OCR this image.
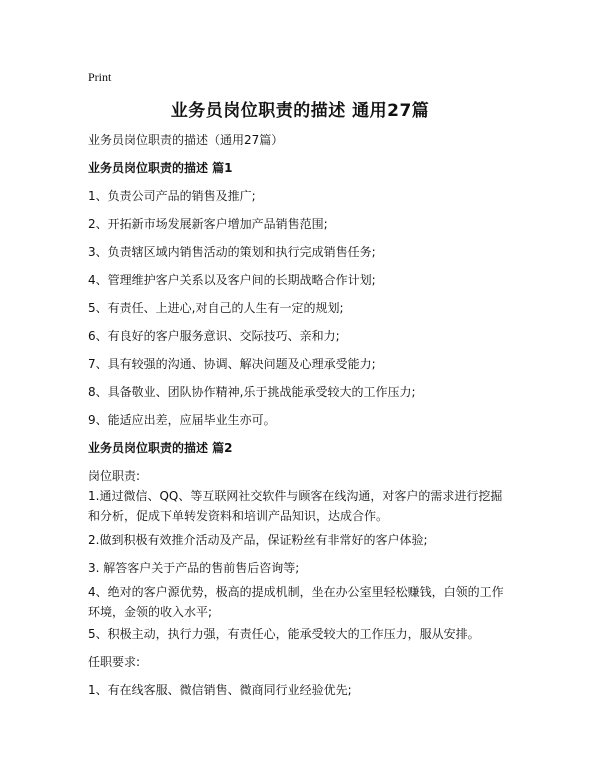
Print
业务员岗位职责的描述 通用27篇
业务员岗位职责的描述（通用27篇）
业务员岗位职责的描述 篇1
1、负责公司产品的销售及推广;
2、开拓新市场发展新客户增加产品销售范围;
3、负责辖区域内销售活动的策划和执行完成销售任务;
4、管理维护客户关系以及客户间的长期战略合作计划;
5、有责任、上进心,对自己的人生有一定的规划;
6、有良好的客户服务意识、交际技巧、亲和力;
7、具有较强的沟通、协调、解决问题及心理承受能力;
8、具备敬业、团队协作精神,乐于挑战能承受较大的工作压力;
9、能适应出差，应届毕业生亦可。
业务员岗位职责的描述 篇2
岗位职责:
1.通过微信、QQ、等互联网社交软件与顾客在线沟通，对客户的需求进行挖掘和分析，促成下单转发资料和培训产品知识，达成合作。
2.做到积极有效推介活动及产品，保证粉丝有非常好的客户体验;
3. 解答客户关于产品的售前售后咨询等;
4、绝对的客户源优势，极高的提成机制，坐在办公室里轻松赚钱，白领的工作环境，金领的收入水平;
5、积极主动，执行力强，有责任心，能承受较大的工作压力，服从安排。
任职要求:
1、有在线客服、微信销售、微商同行业经验优先;
